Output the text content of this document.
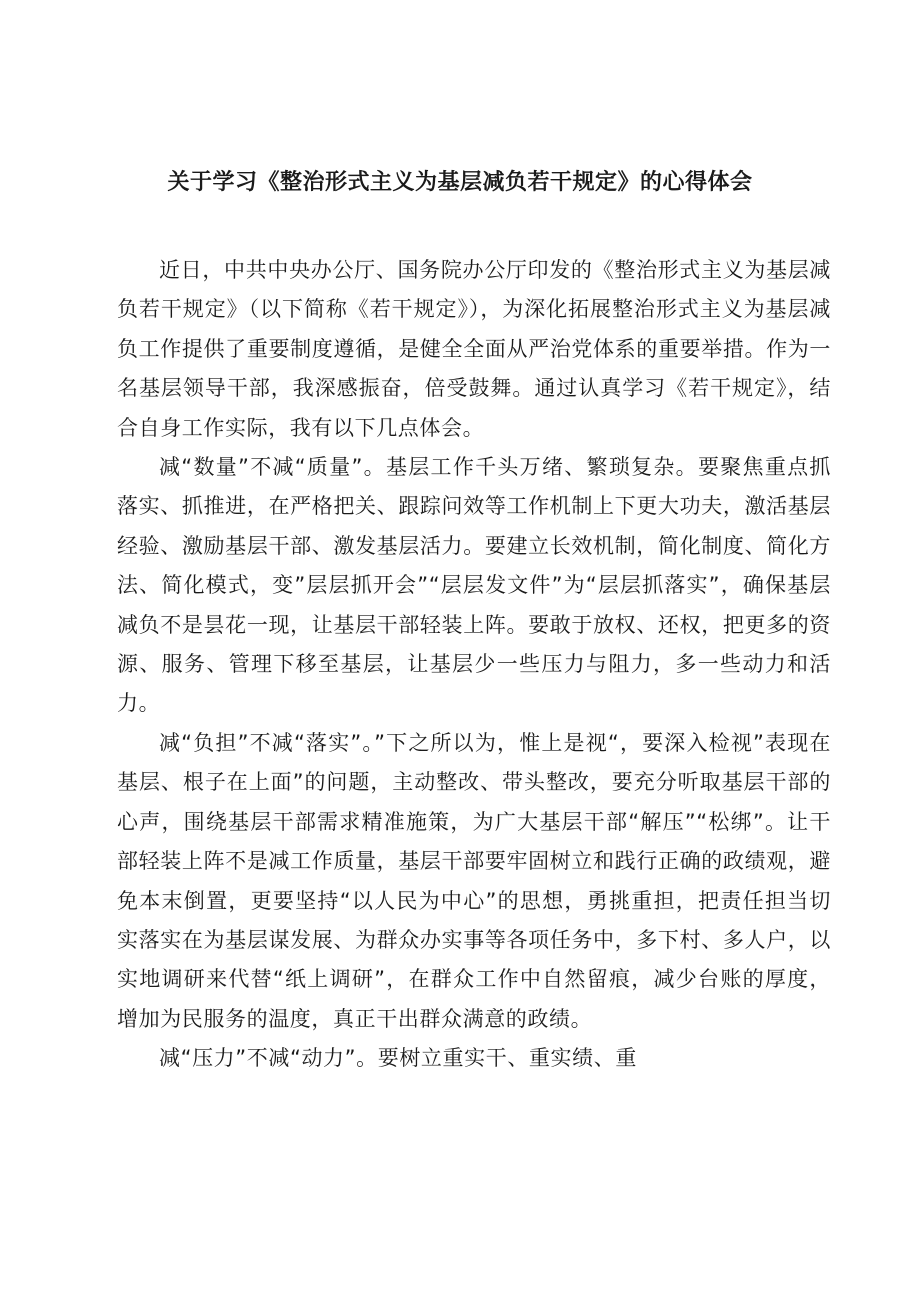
关于学习《整治形式主义为基层减负若干规定》的心得体会

近日，中共中央办公厅、国务院办公厅印发的《整治形式主义为基层减负若干规定》（以下简称《若干规定》），为深化拓展整治形式主义为基层减负工作提供了重要制度遵循，是健全全面从严治党体系的重要举措。作为一名基层领导干部，我深感振奋，倍受鼓舞。通过认真学习《若干规定》，结合自身工作实际，我有以下几点体会。

减“数量”不减“质量”。基层工作千头万绪、繁琐复杂。要聚焦重点抓落实、抓推进，在严格把关、跟踪问效等工作机制上下更大功夫，激活基层经验、激励基层干部、激发基层活力。要建立长效机制，简化制度、简化方法、简化模式，变”层层抓开会”“层层发文件”为“层层抓落实”，确保基层减负不是昙花一现，让基层干部轻装上阵。要敢于放权、还权，把更多的资源、服务、管理下移至基层，让基层少一些压力与阻力，多一些动力和活力。

减“负担”不减“落实”。”下之所以为，惟上是视“，要深入检视”表现在基层、根子在上面”的问题，主动整改、带头整改，要充分听取基层干部的心声，围绕基层干部需求精准施策，为广大基层干部“解压”“松绑”。让干部轻装上阵不是减工作质量，基层干部要牢固树立和践行正确的政绩观，避免本末倒置，更要坚持“以人民为中心”的思想，勇挑重担，把责任担当切实落实在为基层谋发展、为群众办实事等各项任务中，多下村、多人户，以实地调研来代替“纸上调研”，在群众工作中自然留痕，减少台账的厚度，增加为民服务的温度，真正干出群众满意的政绩。

减“压力”不减“动力”。要树立重实干、重实绩、重
